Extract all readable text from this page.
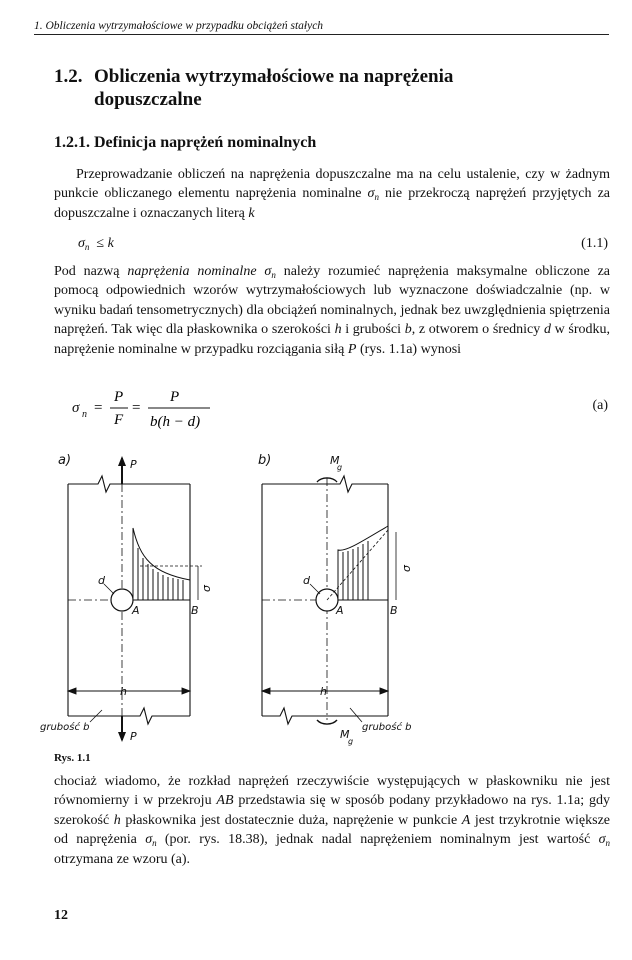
1. Obliczenia wytrzymałościowe w przypadku obciążeń stałych
1.2. Obliczenia wytrzymałościowe na naprężenia
dopuszczalne
1.2.1. Definicja naprężeń nominalnych

Przeprowadzanie obliczeń na naprężenia dopuszczalne ma na celu ustalenie, czy w żadnym punkcie obliczanego elementu naprężenia nominalne $\sigma_n$ nie przekroczą naprężeń przyjętych za dopuszczalne i oznaczanych literą k

$\sigma_n \le k$	(1.1)

Pod nazwą naprężenia nominalne $\sigma_n$ należy rozumieć naprężenia maksymalne obliczone za pomocą odpowiednich wzorów wytrzymałościowych lub wyznaczone doświadczalnie (np. w wyniku badań tensometrycznych) dla obciążeń nominalnych, jednak bez uwzględnienia spiętrzenia naprężeń. Tak więc dla płaskownika o szerokości h i grubości b, z otworem o średnicy d w środku, naprężenie nominalne w przypadku rozciągania siłą P (rys. 1.1a) wynosi

σ n =
P
F
=
P
b(h − d)
(a)
a)	P
P
d
σ
A	B
h
grubość b
b)	M
g
M
g
d
σ
A	B
h
grubość b
Rys. 1.1

chociaż wiadomo, że rozkład naprężeń rzeczywiście występujących w płaskowniku nie jest równomierny i w przekroju AB przedstawia się w sposób podany przykładowo na rys. 1.1a; gdy szerokość h płaskownika jest dostatecznie duża, naprężenie w punkcie A jest trzykrotnie większe od naprężenia $\sigma_n$ (por. rys. 18.38), jednak nadal naprężeniem nominalnym jest wartość $\sigma_n$ otrzymana ze wzoru (a).

12
